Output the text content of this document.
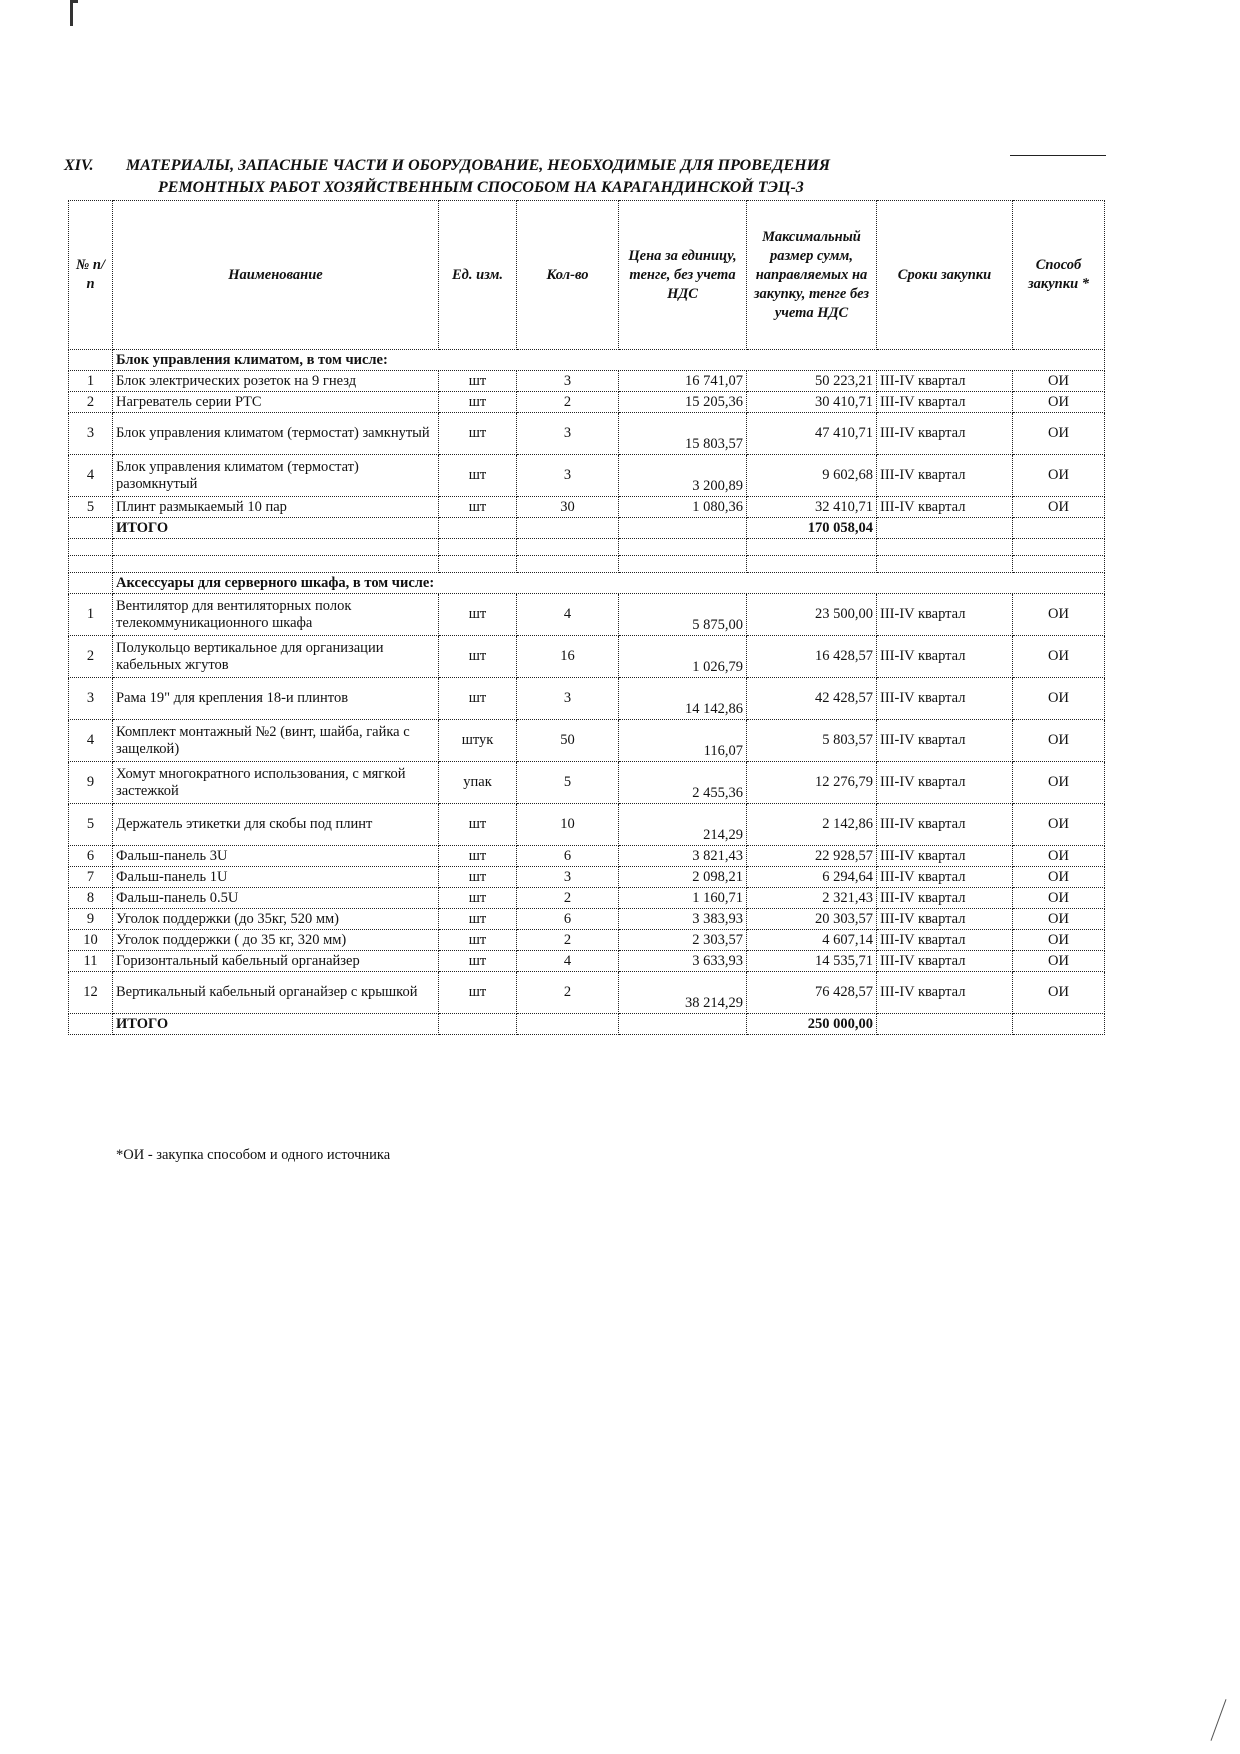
XIV. МАТЕРИАЛЫ, ЗАПАСНЫЕ ЧАСТИ И ОБОРУДОВАНИЕ, НЕОБХОДИМЫЕ ДЛЯ ПРОВЕДЕНИЯ
РЕМОНТНЫХ РАБОТ ХОЗЯЙСТВЕННЫМ СПОСОБОМ НА КАРАГАНДИНСКОЙ ТЭЦ-3
№ п/п	Наименование	Ед. изм.	Кол-во	Цена за единицу, тенге, без учета НДС	Максимальный размер сумм, направляемых на закупку, тенге без учета НДС	Сроки закупки	Способ закупки *
	Блок управления климатом, в том числе:						
1	Блок электрических розеток на 9 гнезд	шт	3	16 741,07	50 223,21	III-IV квартал	ОИ
2	Нагреватель серии PTC	шт	2	15 205,36	30 410,71	III-IV квартал	ОИ
3	Блок управления климатом (термостат) замкнутый	шт	3	15 803,57	47 410,71	III-IV квартал	ОИ
4	Блок управления климатом (термостат) разомкнутый	шт	3	3 200,89	9 602,68	III-IV квартал	ОИ
5	Плинт размыкаемый 10 пар	шт	30	1 080,36	32 410,71	III-IV квартал	ОИ
	ИТОГО				170 058,04		

	Аксессуары для серверного шкафа, в том числе:						
1	Вентилятор для вентиляторных полок телекоммуникационного шкафа	шт	4	5 875,00	23 500,00	III-IV квартал	ОИ
2	Полукольцо вертикальное для организации кабельных жгутов	шт	16	1 026,79	16 428,57	III-IV квартал	ОИ
3	Рама 19" для крепления 18-и плинтов	шт	3	14 142,86	42 428,57	III-IV квартал	ОИ
4	Комплект монтажный №2 (винт, шайба, гайка с защелкой)	штук	50	116,07	5 803,57	III-IV квартал	ОИ
9	Хомут многократного использования, с мягкой застежкой	упак	5	2 455,36	12 276,79	III-IV квартал	ОИ
5	Держатель этикетки для скобы под плинт	шт	10	214,29	2 142,86	III-IV квартал	ОИ
6	Фальш-панель 3U	шт	6	3 821,43	22 928,57	III-IV квартал	ОИ
7	Фальш-панель 1U	шт	3	2 098,21	6 294,64	III-IV квартал	ОИ
8	Фальш-панель 0.5U	шт	2	1 160,71	2 321,43	III-IV квартал	ОИ
9	Уголок поддержки (до 35кг, 520 мм)	шт	6	3 383,93	20 303,57	III-IV квартал	ОИ
10	Уголок поддержки ( до 35 кг, 320 мм)	шт	2	2 303,57	4 607,14	III-IV квартал	ОИ
11	Горизонтальный кабельный органайзер	шт	4	3 633,93	14 535,71	III-IV квартал	ОИ
12	Вертикальный кабельный органайзер с крышкой	шт	2	38 214,29	76 428,57	III-IV квартал	ОИ
	ИТОГО				250 000,00		
*ОИ - закупка способом и одного источника
